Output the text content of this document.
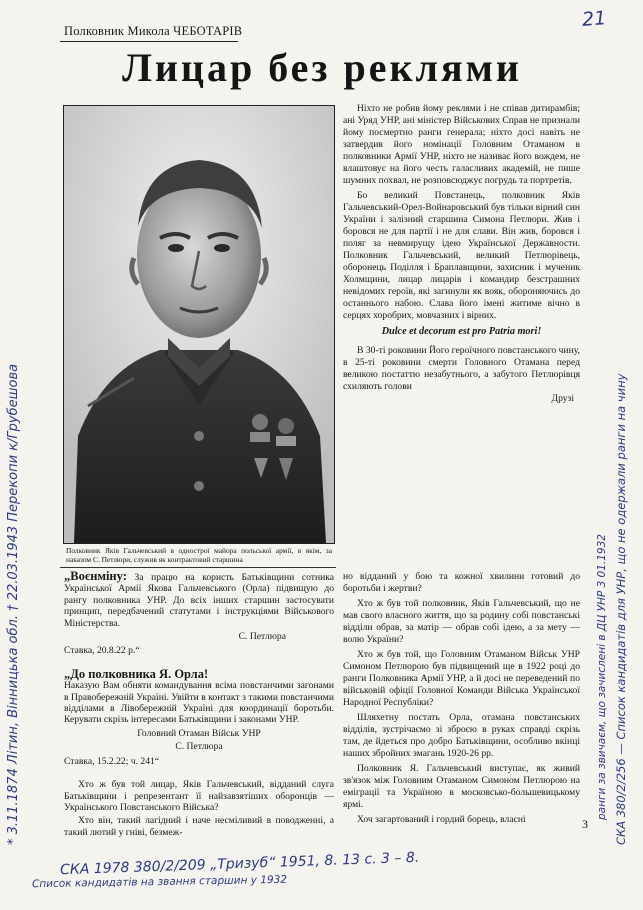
Полковник Микола ЧЕБОТАРІВ
21
Лицар без реклями
Полковник Яків Гальчевський в однострої майора польської армії, в якім, за наказом С. Петлюри, служив як контрактовий старшина

Ніхто не робив йому реклями і не співав дитирамбів; ані Уряд УНР, ані міністер Військових Справ не признали йому посмертно ранги генерала; ніхто досі навіть не затвердив його номінації Головним Отаманом в полковники Армії УНР, ніхто не називає його вождем, не влаштовує на його честь галасливих академій, не пише шумних похвал, не розповсюджує погрудь та портретів.

Бо великий Повстанець, полковник Яків Гальчевський-Орел-Войнаровський був тільки вірний син України і залізний старшина Симона Петлюри. Жив і боровся не для партії і не для слави. Він жив, боровся і поляг за невмирущу ідею Української Державности. Полковник Гальчевський, великий Петлюрівець, оборонець Поділля і Браплавщини, захисник і мученик Холмщини, лицар лицарів і командир безстрашних невідомих героїв, які загинули як вояк, обороняючись до останнього набою. Слава його імені житиме вічно в серцях хоробрих, мовчазних і вірних.

Dulce et decorum est pro Patria mori!

В 30-ті роковини Його героїчного повстанського чину, в 25-ті роковини смерти Головного Отамана перед великою постаттю незабутнього, а забутого Петлюрівця схиляють голови

Друзі

„Воєнміну: За працю на користь Батьківщини сотника Української Армії Якова Гальчевського (Орла) підвищую до рангу полковника УНР. До всіх інших старшин застосувати принцип, передбачений статутами і інструкціями Військового Міністерства.

С. Петлюра

Ставка, 20.8.22 р.“

„До полковника Я. Орла!

Наказую Вам обняти командування всіма повстанчими загонами в Правобережній Україні. Увійти в контакт з такими повстанчими відділами в Лівобережній Україні для координації боротьби. Керувати скрізь інтересами Батьківщини і законами УНР.

Головний Отаман Військ УНР

С. Петлюра

Ставка, 15.2.22; ч. 241“

Хто ж був той лицар, Яків Гальчевський, відданий слуга Батьківщини і репрезентант її найзавзятіших оборонців — Українського Повстанського Війська?

Хто він, такий лагідний і наче несміливий в поводженні, а такий лютий у гніві, безмеж-

но відданий у бою та кожної хвилини готовий до боротьби і жертви?

Хто ж був той полковник, Яків Гальчевський, що не мав свого власного життя, що за родину собі повстанські відділи обрав, за матір — обрав собі ідею, а за мету — волю України?

Хто ж був той, що Головним Отаманом Військ УНР Симоном Петлюрою був підвищений ще в 1922 році до ранги Полковника Армії УНР, а й досі не переведений по військовій офіції Головної Команди Війська Української Народної Республіки?

Шляхетну постать Орла, отамана повстанських відділів, зустрічаємо зі зброєю в руках справді скрізь там, де йдеться про добро Батьківщини, особливо вкінці наших збройних змагань 1920-26 рр.

Полковник Я. Гальчевський виступає, як живий зв'язок між Головним Отаманом Симоном Петлюрою на еміграції та Україною в московсько-большевицькому ярмі.

Хоч загартований і гордий борець, власні	3
* 3.11.1874 Літин, Вінницька обл. † 22.03.1943 Перекопи к/Грубешова	СКА 380/2/256 — Список кандидатів для УНР, що не одержали ранги на чину
ранги за звичаєм, що зачислені в ДЦ УНР 3 01.1932
СКА 1978 380/2/209 „Тризуб“ 1951, 8. 13 с. 3 – 8.
Список кандидатів на звання старшин у 1932
